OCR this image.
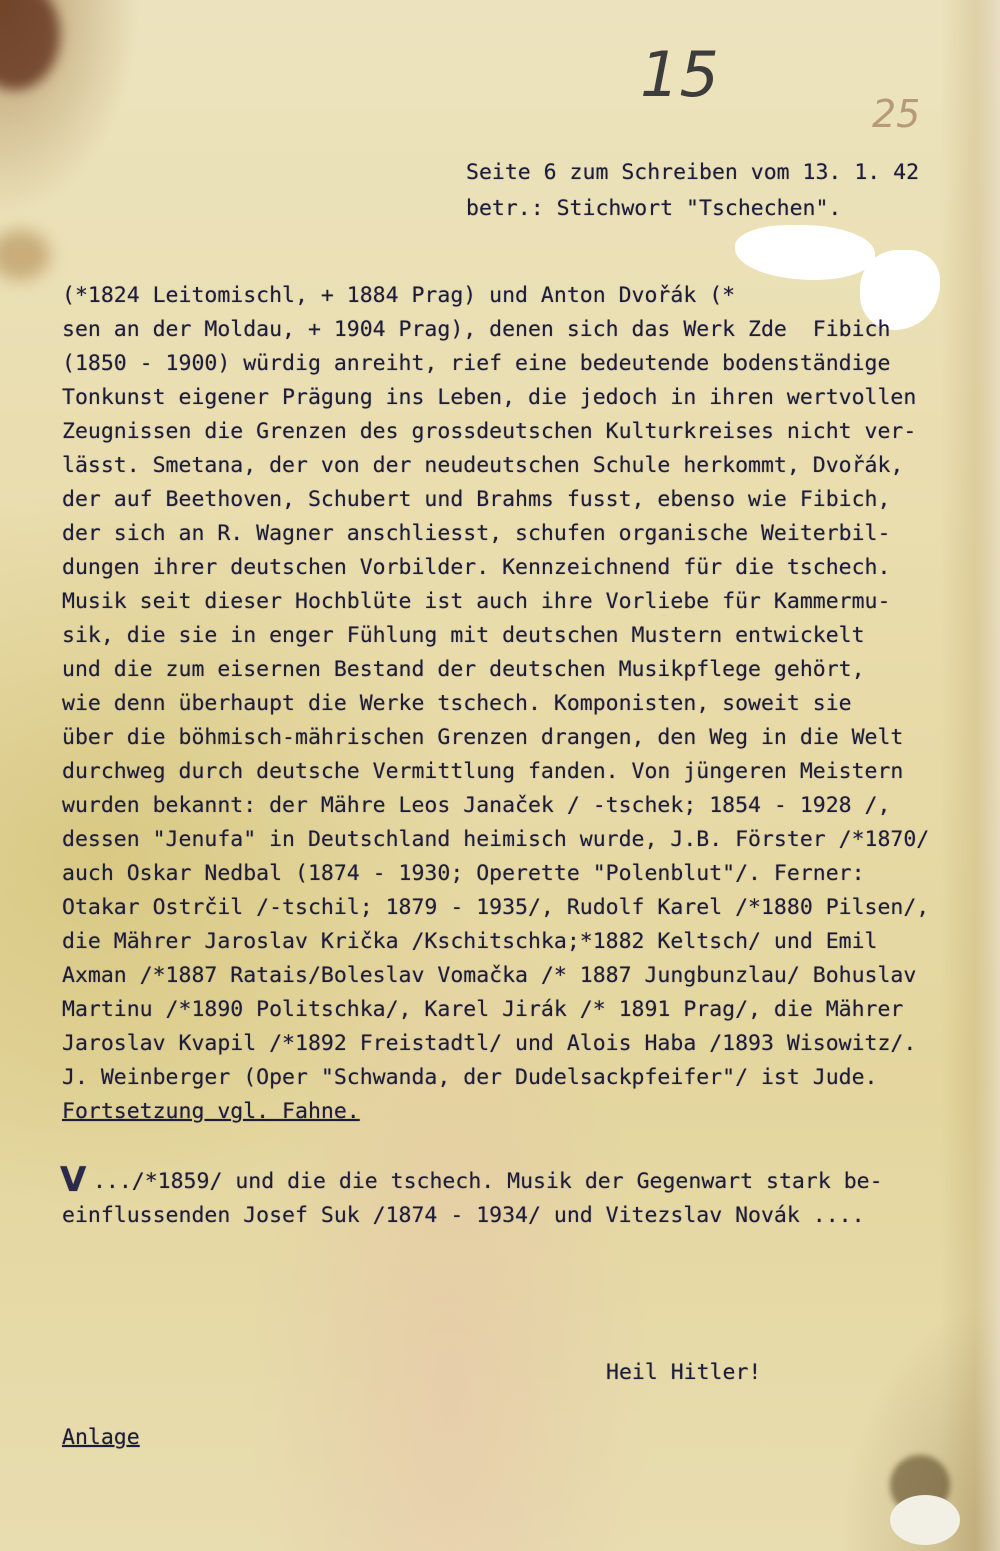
15
25

Seite 6 zum Schreiben vom 13. 1. 42

betr.: Stichwort "Tschechen".

(*1824 Leitomischl, + 1884 Prag) und Anton Dvořák (*

sen an der Moldau, + 1904 Prag), denen sich das Werk Zde  Fibich

(1850 - 1900) würdig anreiht, rief eine bedeutende bodenständige

Tonkunst eigener Prägung ins Leben, die jedoch in ihren wertvollen

Zeugnissen die Grenzen des grossdeutschen Kulturkreises nicht ver-

lässt. Smetana, der von der neudeutschen Schule herkommt, Dvořák,

der auf Beethoven, Schubert und Brahms fusst, ebenso wie Fibich,

der sich an R. Wagner anschliesst, schufen organische Weiterbil-

dungen ihrer deutschen Vorbilder. Kennzeichnend für die tschech.

Musik seit dieser Hochblüte ist auch ihre Vorliebe für Kammermu-

sik, die sie in enger Fühlung mit deutschen Mustern entwickelt

und die zum eisernen Bestand der deutschen Musikpflege gehört,

wie denn überhaupt die Werke tschech. Komponisten, soweit sie

über die böhmisch-mährischen Grenzen drangen, den Weg in die Welt

durchweg durch deutsche Vermittlung fanden. Von jüngeren Meistern

wurden bekannt: der Mähre Leos Janaček / -tschek; 1854 - 1928 /,

dessen "Jenufa" in Deutschland heimisch wurde, J.B. Förster /*1870/

auch Oskar Nedbal (1874 - 1930; Operette "Polenblut"/. Ferner:

Otakar Ostrčil /-tschil; 1879 - 1935/, Rudolf Karel /*1880 Pilsen/,

die Mährer Jaroslav Krička /Kschitschka;*1882 Keltsch/ und Emil

Axman /*1887 Ratais/Boleslav Vomačka /* 1887 Jungbunzlau/ Bohuslav

Martinu /*1890 Politschka/, Karel Jirák /* 1891 Prag/, die Mährer

Jaroslav Kvapil /*1892 Freistadtl/ und Alois Haba /1893 Wisowitz/.

J. Weinberger (Oper "Schwanda, der Dudelsackpfeifer"/ ist Jude.

Fortsetzung vgl. Fahne.

V

.../*1859/ und die die tschech. Musik der Gegenwart stark be-

einflussenden Josef Suk /1874 - 1934/ und Vitezslav Novák ....

Heil Hitler!

Anlage
